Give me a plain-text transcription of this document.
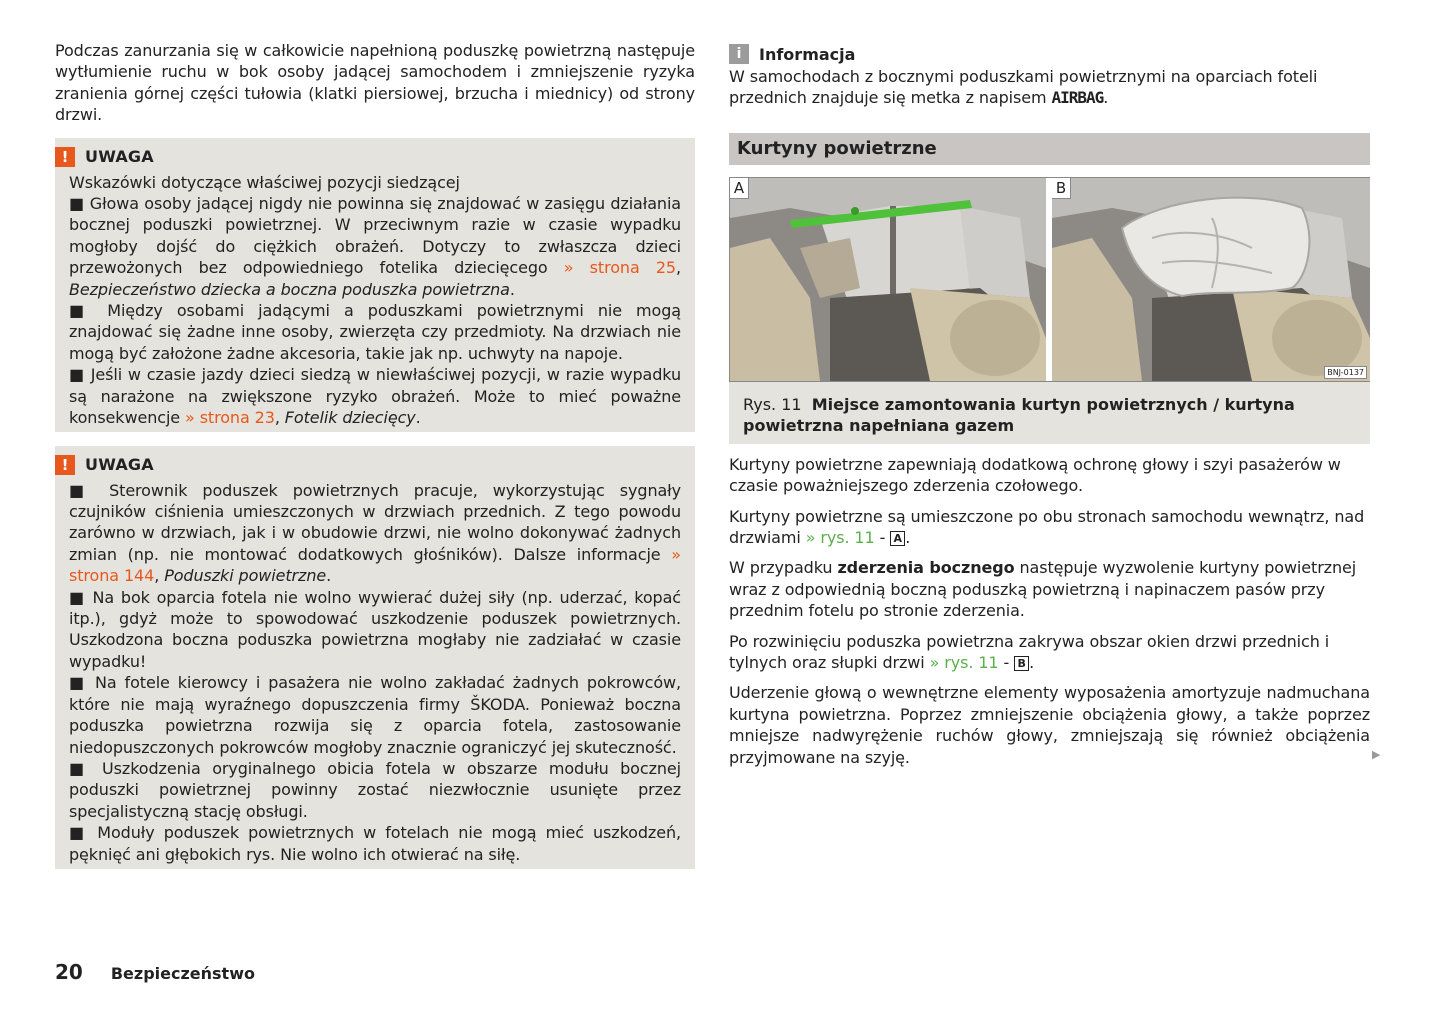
Podczas zanurzania się w całkowicie napełnioną poduszkę powietrzną następuje wytłumienie ruchu w bok osoby jadącej samochodem i zmniejszenie ryzyka zranienia górnej części tułowia (klatki piersiowej, brzucha i miednicy) od strony drzwi.

!	UWAGA

Wskazówki dotyczące właściwej pozycji siedzącej

■ Głowa osoby jadącej nigdy nie powinna się znajdować w zasięgu działania bocznej poduszki powietrznej. W przeciwnym razie w czasie wypadku mogłoby dojść do ciężkich obrażeń. Dotyczy to zwłaszcza dzieci przewożonych bez odpowiedniego fotelika dziecięcego » strona 25, Bezpieczeństwo dziecka a boczna poduszka powietrzna.

■ Między osobami jadącymi a poduszkami powietrznymi nie mogą znajdować się żadne inne osoby, zwierzęta czy przedmioty. Na drzwiach nie mogą być założone żadne akcesoria, takie jak np. uchwyty na napoje.

■ Jeśli w czasie jazdy dzieci siedzą w niewłaściwej pozycji, w razie wypadku są narażone na zwiększone ryzyko obrażeń. Może to mieć poważne konsekwencje » strona 23, Fotelik dziecięcy.

!	UWAGA

■ Sterownik poduszek powietrznych pracuje, wykorzystując sygnały czujników ciśnienia umieszczonych w drzwiach przednich. Z tego powodu zarówno w drzwiach, jak i w obudowie drzwi, nie wolno dokonywać żadnych zmian (np. nie montować dodatkowych głośników). Dalsze informacje » strona 144, Poduszki powietrzne.

■ Na bok oparcia fotela nie wolno wywierać dużej siły (np. uderzać, kopać itp.), gdyż może to spowodować uszkodzenie poduszek powietrznych. Uszkodzona boczna poduszka powietrzna mogłaby nie zadziałać w czasie wypadku!

■ Na fotele kierowcy i pasażera nie wolno zakładać żadnych pokrowców, które nie mają wyraźnego dopuszczenia firmy ŠKODA. Ponieważ boczna poduszka powietrzna rozwija się z oparcia fotela, zastosowanie niedopuszczonych pokrowców mogłoby znacznie ograniczyć jej skuteczność.

■ Uszkodzenia oryginalnego obicia fotela w obszarze modułu bocznej poduszki powietrznej powinny zostać niezwłocznie usunięte przez specjalistyczną stację obsługi.

■ Moduły poduszek powietrznych w fotelach nie mogą mieć uszkodzeń, pęknięć ani głębokich rys. Nie wolno ich otwierać na siłę.

i	Informacja

W samochodach z bocznymi poduszkami powietrznymi na oparciach foteli przednich znajduje się metka z napisem AIRBAG.

Kurtyny powietrzne
A	B
BNJ-0137
Rys. 11 Miejsce zamontowania kurtyn powietrznych / kurtyna powietrzna napełniana gazem

Kurtyny powietrzne zapewniają dodatkową ochronę głowy i szyi pasażerów w czasie poważniejszego zderzenia czołowego.

Kurtyny powietrzne są umieszczone po obu stronach samochodu wewnątrz, nad drzwiami » rys. 11 - A .

W przypadku zderzenia bocznego następuje wyzwolenie kurtyny powietrznej wraz z odpowiednią boczną poduszką powietrzną i napinaczem pasów przy przednim fotelu po stronie zderzenia.

Po rozwinięciu poduszka powietrzna zakrywa obszar okien drzwi przednich i tylnych oraz słupki drzwi » rys. 11 - B .

Uderzenie głową o wewnętrzne elementy wyposażenia amortyzuje nadmuchana kurtyna powietrzna. Poprzez zmniejszenie obciążenia głowy, a także poprzez mniejsze nadwyrężenie ruchów głowy, zmniejszają się również obciążenia przyjmowane na szyję.	▶
20 Bezpieczeństwo
